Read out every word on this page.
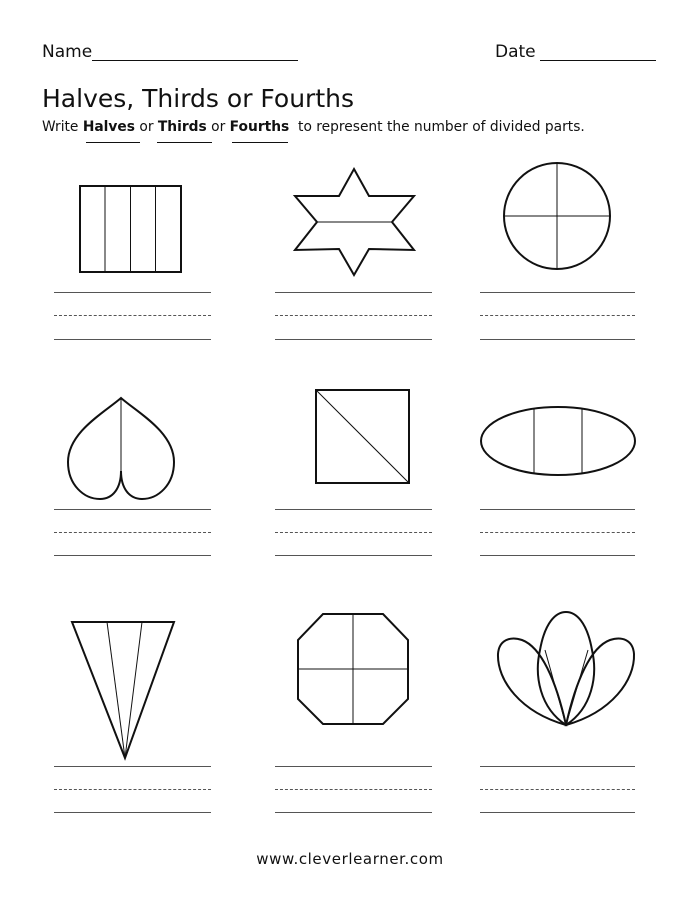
Name	Date
Halves, Thirds or Fourths
Write Halves or Thirds or Fourths to represent the number of divided parts.
www.cleverlearner.com
